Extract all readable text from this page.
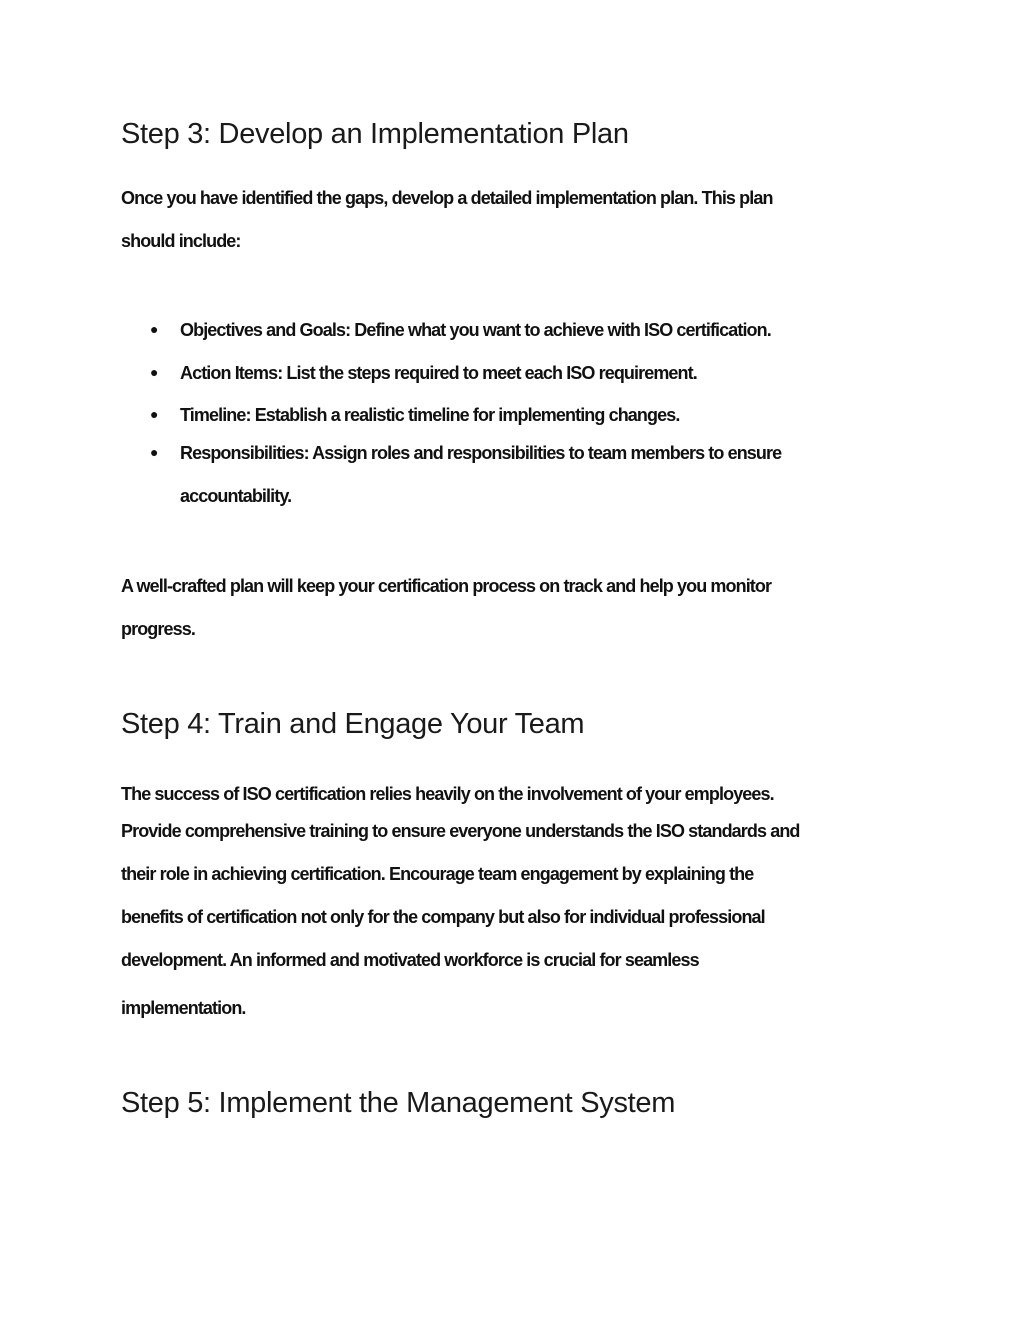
Step 3: Develop an Implementation Plan

Once you have identified the gaps, develop a detailed implementation plan. This plan

should include:

● Objectives and Goals: Define what you want to achieve with ISO certification.
● Action Items: List the steps required to meet each ISO requirement.
● Timeline: Establish a realistic timeline for implementing changes.
● Responsibilities: Assign roles and responsibilities to team members to ensure
accountability.

A well-crafted plan will keep your certification process on track and help you monitor

progress.

Step 4: Train and Engage Your Team

The success of ISO certification relies heavily on the involvement of your employees.

Provide comprehensive training to ensure everyone understands the ISO standards and

their role in achieving certification. Encourage team engagement by explaining the

benefits of certification not only for the company but also for individual professional

development. An informed and motivated workforce is crucial for seamless

implementation.

Step 5: Implement the Management System
